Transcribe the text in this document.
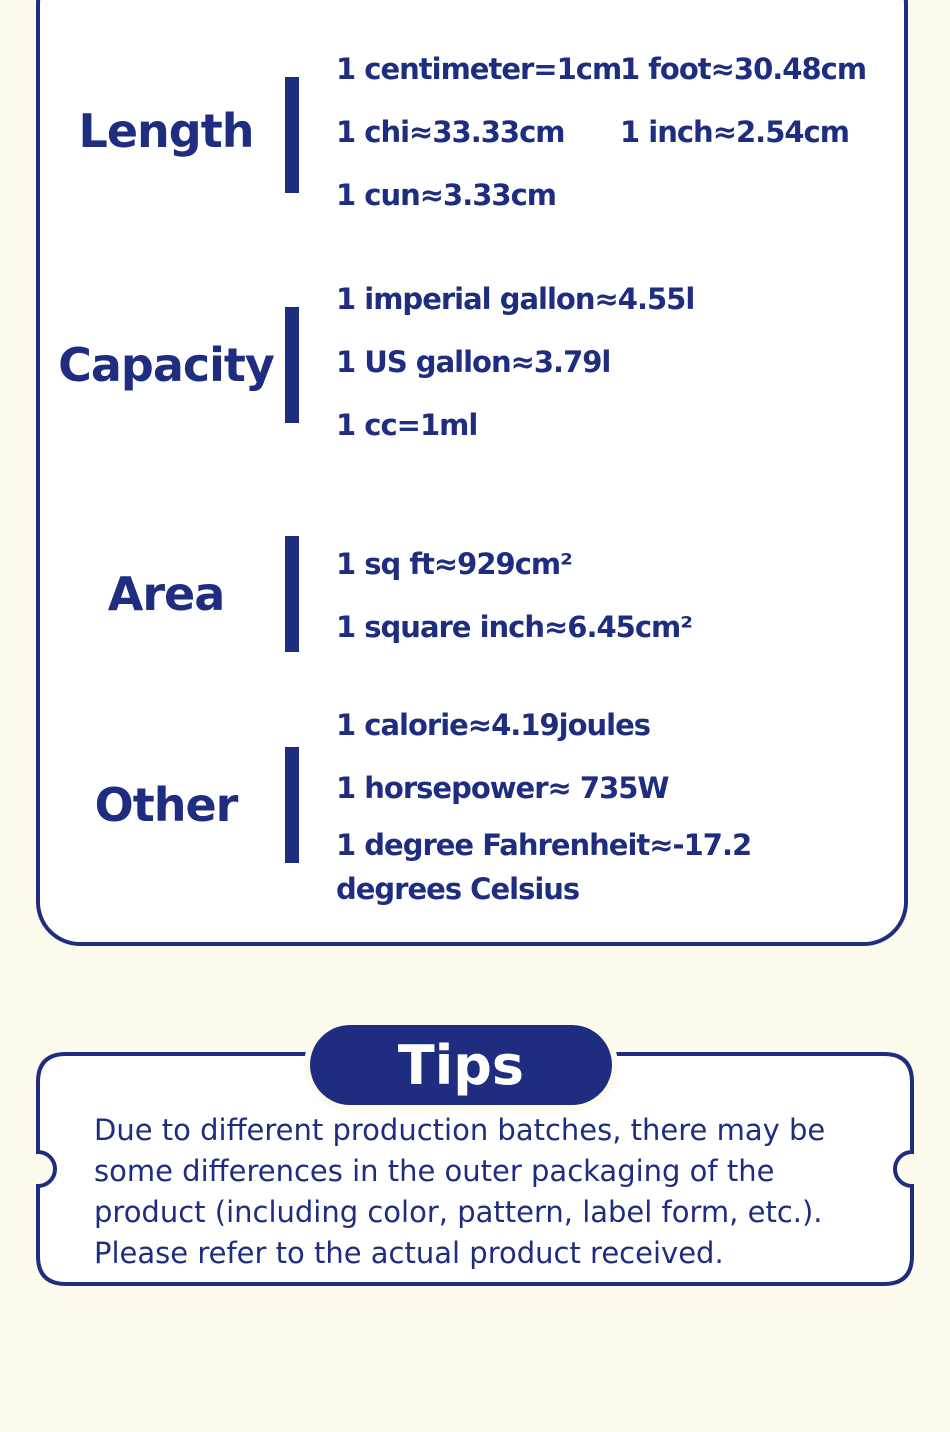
Length
1 centimeter=1cm
1 foot≈30.48cm
1 chi≈33.33cm 1 inch≈2.54cm
1 cun≈3.33cm
Capacity
1 imperial gallon≈4.55l
1 US gallon≈3.79l
1 cc=1ml
Area
1 sq ft≈929cm²
1 square inch≈6.45cm²
Other
1 calorie≈4.19joules
1 horsepower≈ 735W
1 degree Fahrenheit≈-17.2
degrees Celsius
Tips
Due to different production batches, there may be
some differences in the outer packaging of the
product (including color, pattern, label form, etc.).
Please refer to the actual product received.
